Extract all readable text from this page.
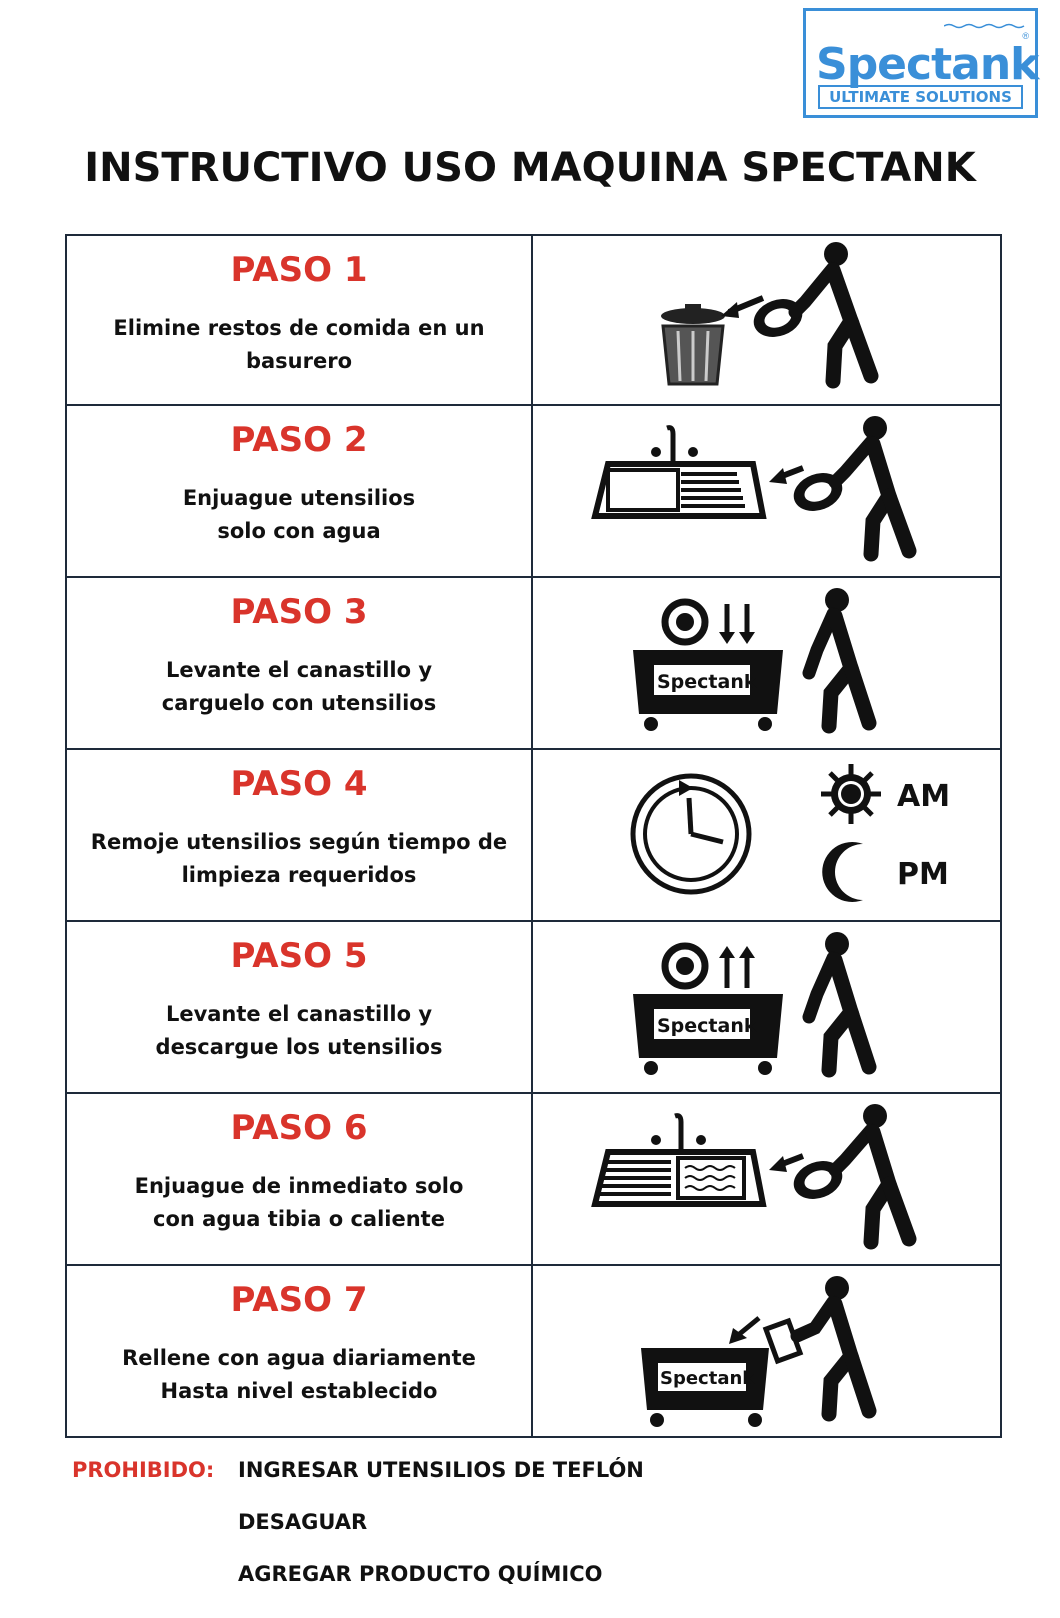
®
Spectank
ULTIMATE SOLUTIONS
INSTRUCTIVO USO MAQUINA SPECTANK
PASO 1
Elimine restos de comida en un
basurero
PASO 2
Enjuague utensilios
solo con agua
PASO 3
Levante el canastillo y
carguelo con utensilios
Spectank
PASO 4
Remoje utensilios según tiempo de
limpieza requeridos
AM
PM
PASO 5
Levante el canastillo y
descargue los utensilios
Spectank
PASO 6
Enjuague de inmediato solo
con agua tibia o caliente
PASO 7
Rellene con agua diariamente
Hasta nivel establecido
Spectank
PROHIBIDO: INGRESAR UTENSILIOS DE TEFLÓN
DESAGUAR
AGREGAR PRODUCTO QUÍMICO
